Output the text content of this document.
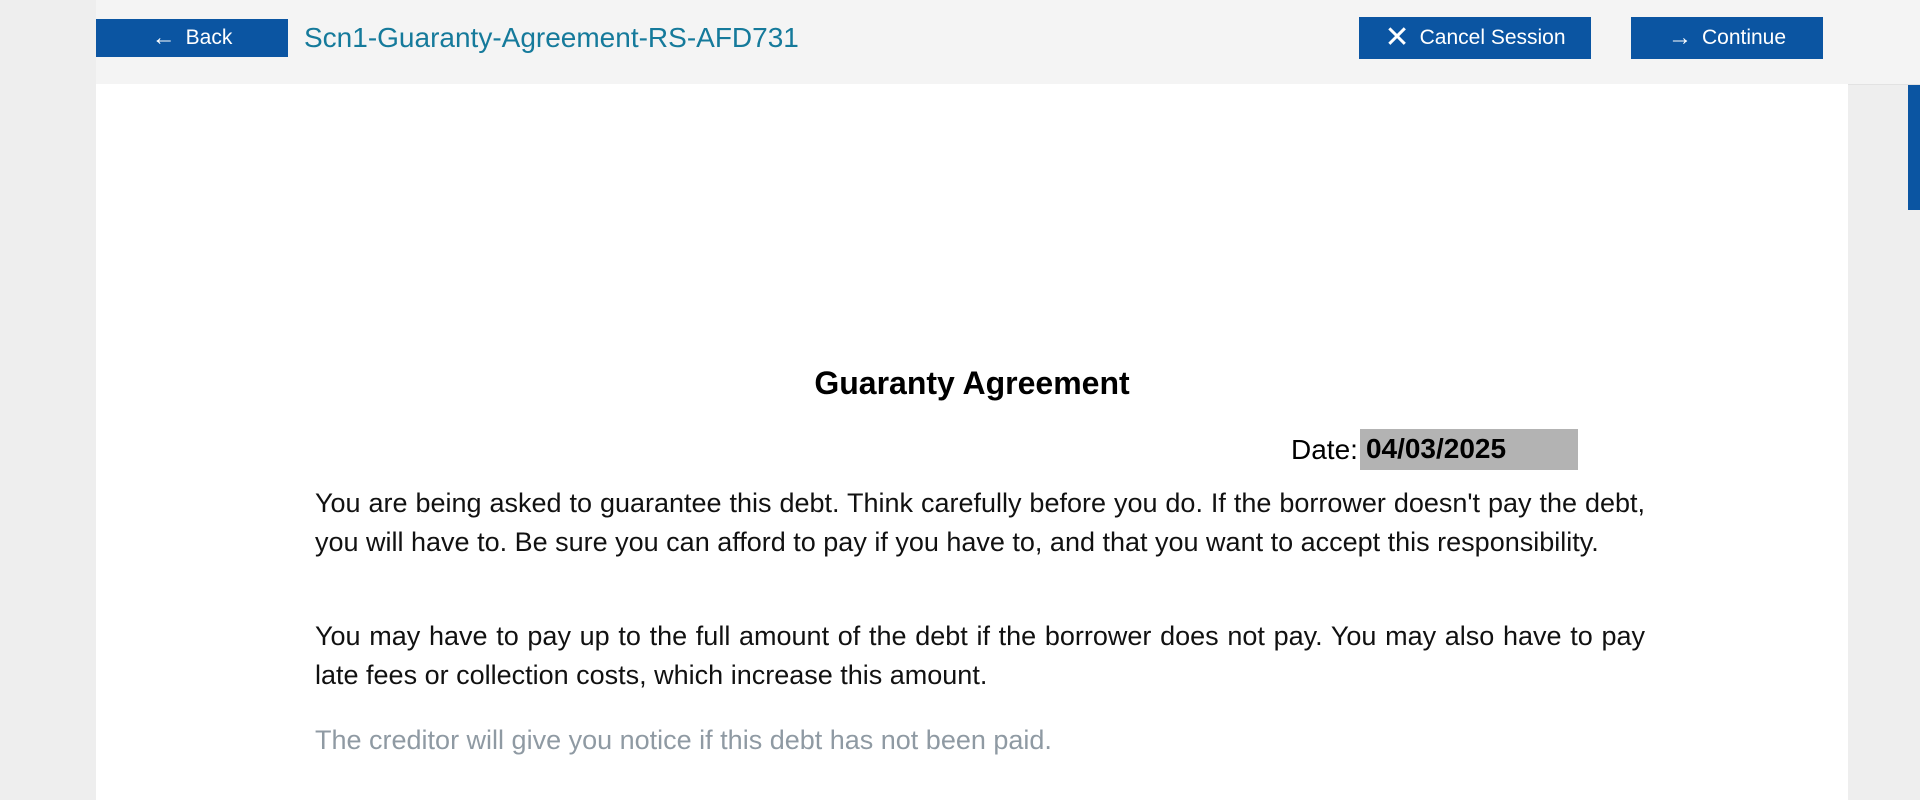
← Back	Scn1-Guaranty-Agreement-RS-AFD731	✕ Cancel Session	→ Continue
Guaranty Agreement
Date: 04/03/2025
You are being asked to guarantee this debt. Think carefully before you do. If the borrower doesn't pay the debt, you will have to. Be sure you can afford to pay if you have to, and that you want to accept this responsibility.
You may have to pay up to the full amount of the debt if the borrower does not pay. You may also have to pay late fees or collection costs, which increase this amount.
The creditor will give you notice if this debt has not been paid.
